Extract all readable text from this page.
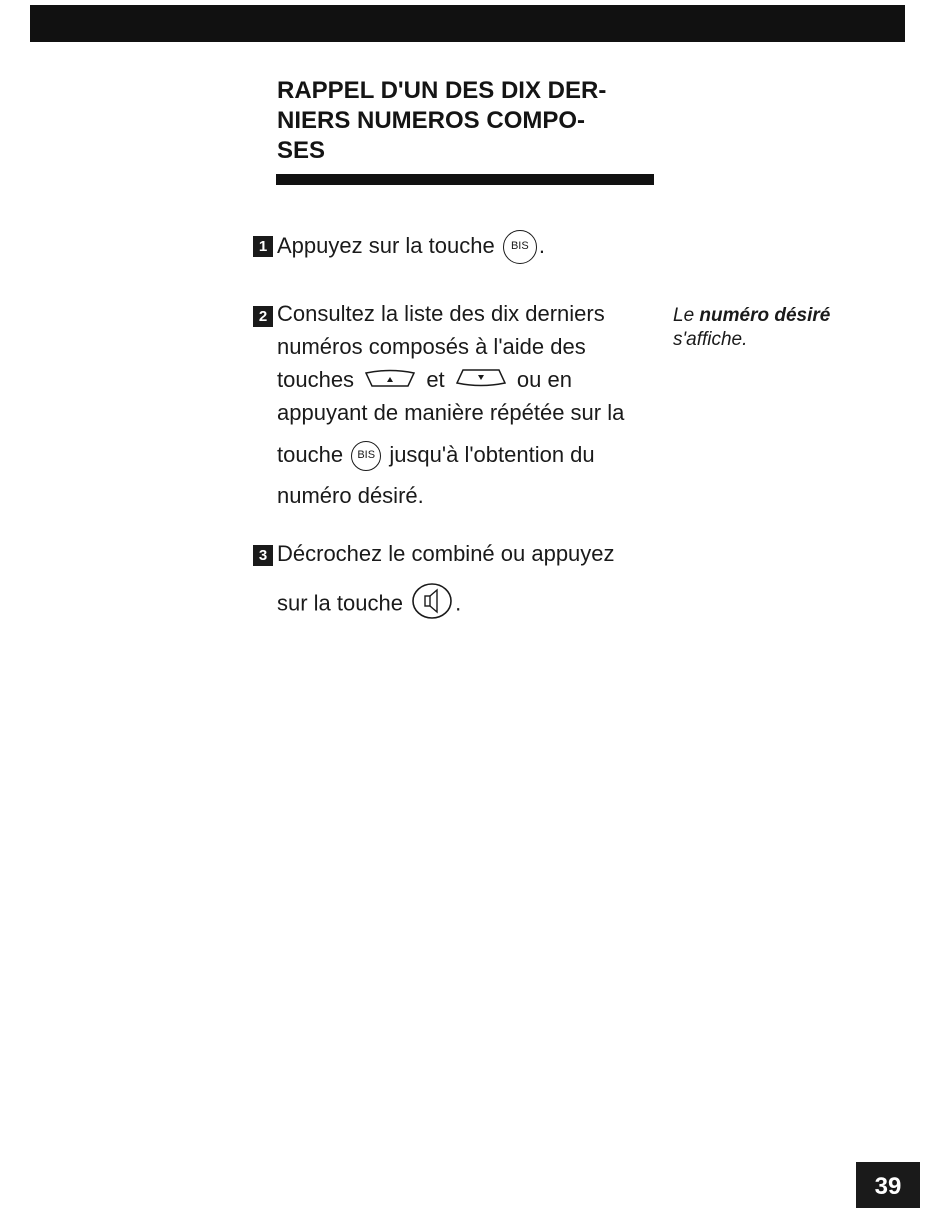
RAPPEL D'UN DES DIX DER-
NIERS NUMEROS COMPO-
SES
1 Appuyez sur la touche BIS .
2 Consultez la liste des dix derniers
numéros composés à l'aide des
touches	et	ou en
appuyant de manière répétée sur la
touche BIS jusqu'à l'obtention du
numéro désiré.
Le numéro désiré
s'affiche.
3 Décrochez le combiné ou appuyez
sur la touche .
39
